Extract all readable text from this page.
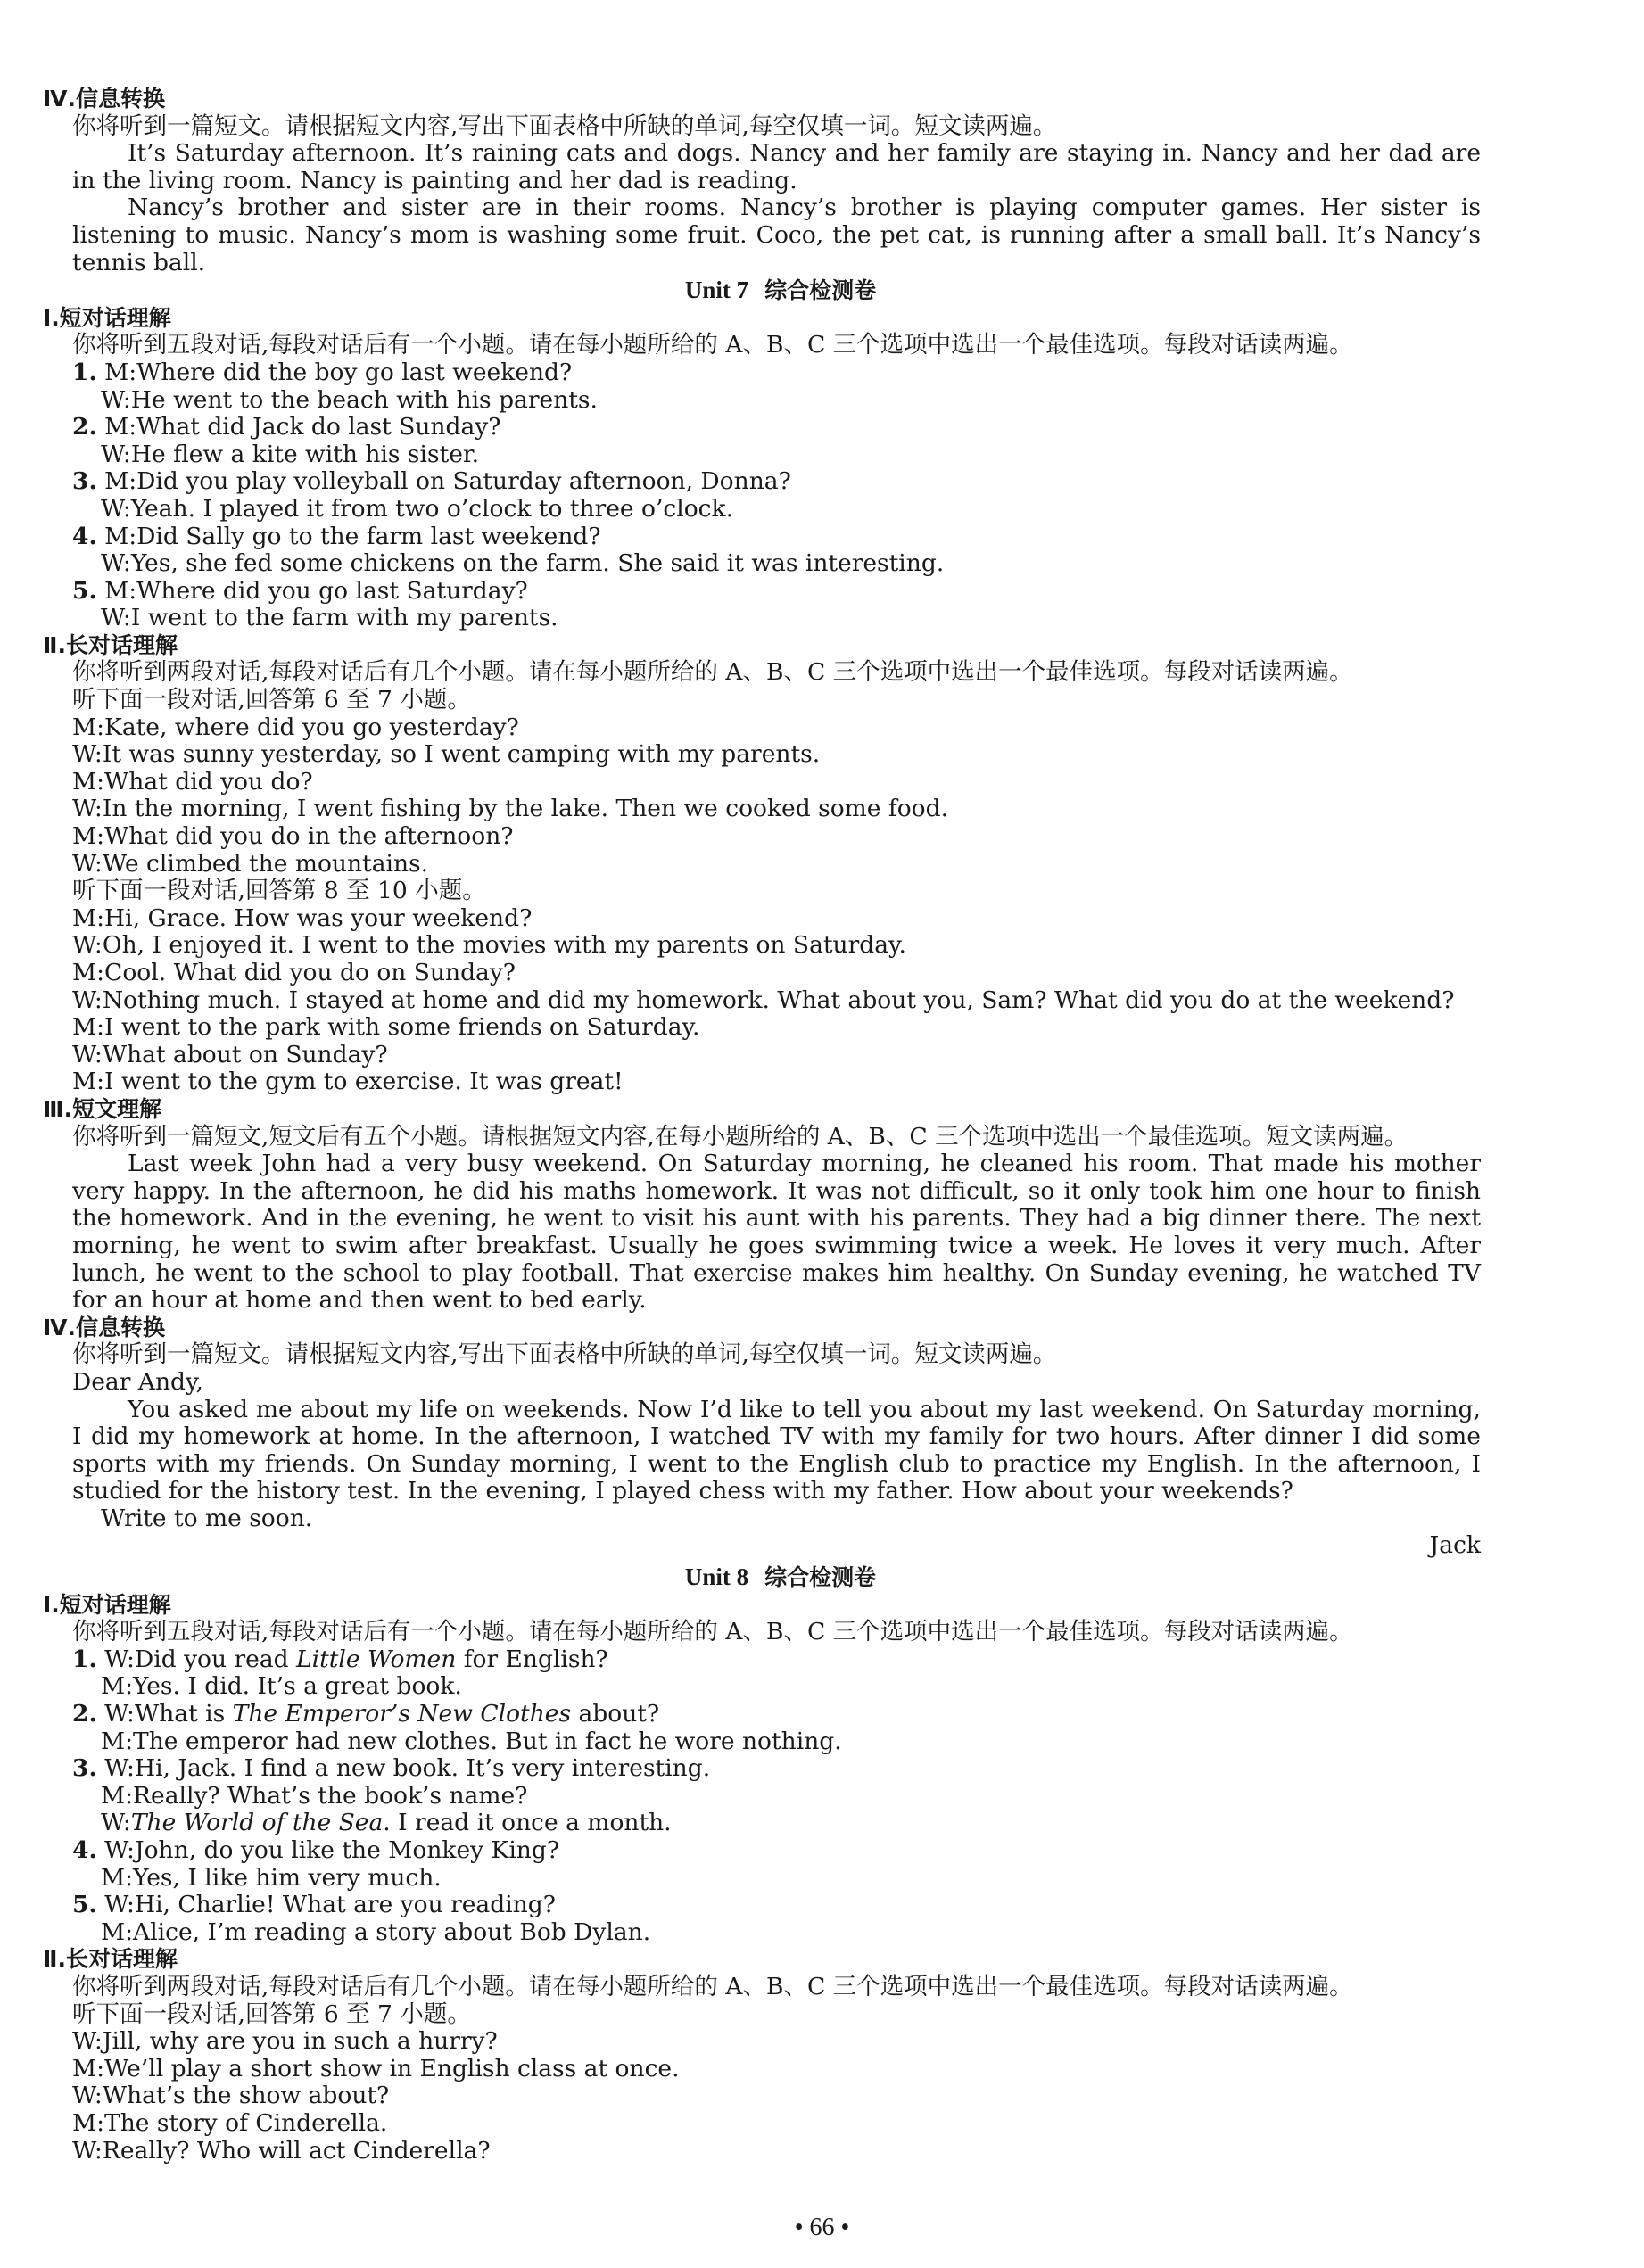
Ⅳ.信息转换
你将听到一篇短文。请根据短文内容,写出下面表格中所缺的单词,每空仅填一词。短文读两遍。
It’s Saturday afternoon. It’s raining cats and dogs. Nancy and her family are staying in. Nancy and her dad are in the living room. Nancy is painting and her dad is reading.
Nancy’s brother and sister are in their rooms. Nancy’s brother is playing computer games. Her sister is listening to music. Nancy’s mom is washing some fruit. Coco, the pet cat, is running after a small ball. It’s Nancy’s tennis ball.
Unit 7 综合检测卷
Ⅰ.短对话理解
你将听到五段对话,每段对话后有一个小题。请在每小题所给的 A、B、C 三个选项中选出一个最佳选项。每段对话读两遍。
1. M:Where did the boy go last weekend?
W:He went to the beach with his parents.
2. M:What did Jack do last Sunday?
W:He flew a kite with his sister.
3. M:Did you play volleyball on Saturday afternoon, Donna?
W:Yeah. I played it from two o’clock to three o’clock.
4. M:Did Sally go to the farm last weekend?
W:Yes, she fed some chickens on the farm. She said it was interesting.
5. M:Where did you go last Saturday?
W:I went to the farm with my parents.
Ⅱ.长对话理解
你将听到两段对话,每段对话后有几个小题。请在每小题所给的 A、B、C 三个选项中选出一个最佳选项。每段对话读两遍。
听下面一段对话,回答第 6 至 7 小题。
M:Kate, where did you go yesterday?
W:It was sunny yesterday, so I went camping with my parents.
M:What did you do?
W:In the morning, I went fishing by the lake. Then we cooked some food.
M:What did you do in the afternoon?
W:We climbed the mountains.
听下面一段对话,回答第 8 至 10 小题。
M:Hi, Grace. How was your weekend?
W:Oh, I enjoyed it. I went to the movies with my parents on Saturday.
M:Cool. What did you do on Sunday?
W:Nothing much. I stayed at home and did my homework. What about you, Sam? What did you do at the weekend?
M:I went to the park with some friends on Saturday.
W:What about on Sunday?
M:I went to the gym to exercise. It was great!
Ⅲ.短文理解
你将听到一篇短文,短文后有五个小题。请根据短文内容,在每小题所给的 A、B、C 三个选项中选出一个最佳选项。短文读两遍。
Last week John had a very busy weekend. On Saturday morning, he cleaned his room. That made his mother very happy. In the afternoon, he did his maths homework. It was not difficult, so it only took him one hour to finish the homework. And in the evening, he went to visit his aunt with his parents. They had a big dinner there. The next morning, he went to swim after breakfast. Usually he goes swimming twice a week. He loves it very much. After lunch, he went to the school to play football. That exercise makes him healthy. On Sunday evening, he watched TV for an hour at home and then went to bed early.
Ⅳ.信息转换
你将听到一篇短文。请根据短文内容,写出下面表格中所缺的单词,每空仅填一词。短文读两遍。
Dear Andy,
You asked me about my life on weekends. Now I’d like to tell you about my last weekend. On Saturday morning, I did my homework at home. In the afternoon, I watched TV with my family for two hours. After dinner I did some sports with my friends. On Sunday morning, I went to the English club to practice my English. In the afternoon, I studied for the history test. In the evening, I played chess with my father. How about your weekends?
Write to me soon.
Jack
Unit 8 综合检测卷
Ⅰ.短对话理解
你将听到五段对话,每段对话后有一个小题。请在每小题所给的 A、B、C 三个选项中选出一个最佳选项。每段对话读两遍。
1. W:Did you read Little Women for English?
M:Yes. I did. It’s a great book.
2. W:What is The Emperor’s New Clothes about?
M:The emperor had new clothes. But in fact he wore nothing.
3. W:Hi, Jack. I find a new book. It’s very interesting.
M:Really? What’s the book’s name?
W:The World of the Sea. I read it once a month.
4. W:John, do you like the Monkey King?
M:Yes, I like him very much.
5. W:Hi, Charlie! What are you reading?
M:Alice, I’m reading a story about Bob Dylan.
Ⅱ.长对话理解
你将听到两段对话,每段对话后有几个小题。请在每小题所给的 A、B、C 三个选项中选出一个最佳选项。每段对话读两遍。
听下面一段对话,回答第 6 至 7 小题。
W:Jill, why are you in such a hurry?
M:We’ll play a short show in English class at once.
W:What’s the show about?
M:The story of Cinderella.
W:Really? Who will act Cinderella?
• 66 •
